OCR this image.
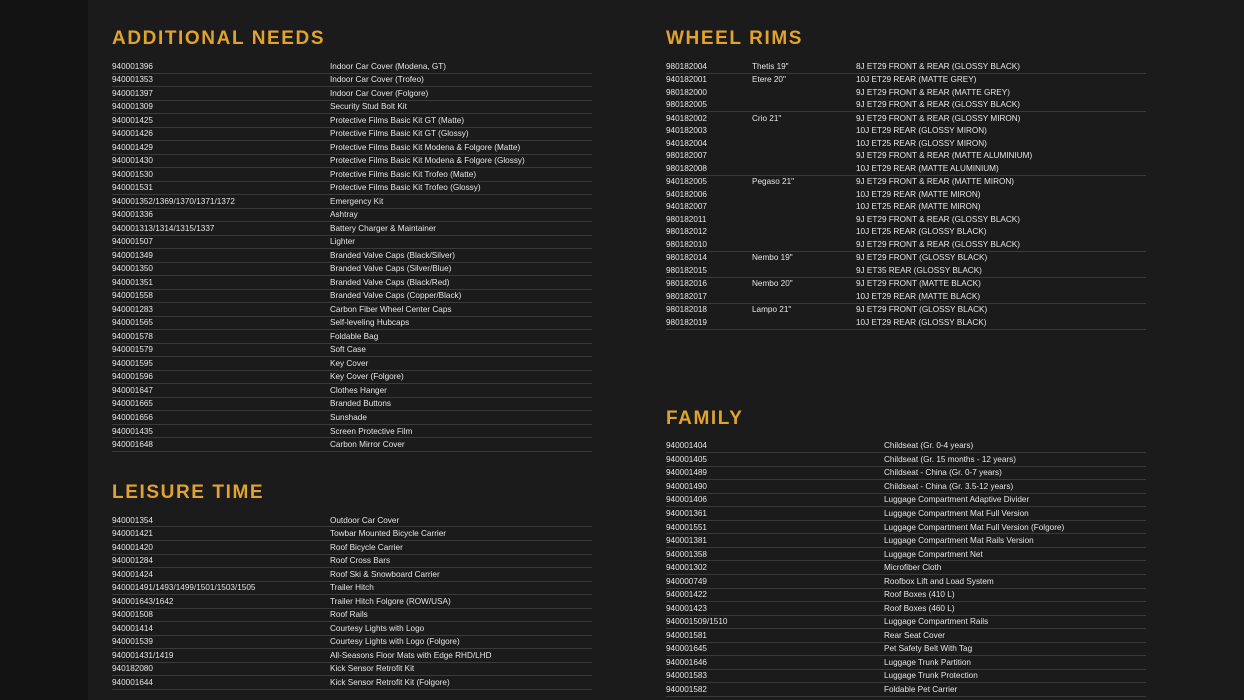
ADDITIONAL NEEDS
940001396	Indoor Car Cover (Modena, GT)
940001353	Indoor Car Cover (Trofeo)
940001397	Indoor Car Cover (Folgore)
940001309	Security Stud Bolt Kit
940001425	Protective Films Basic Kit GT (Matte)
940001426	Protective Films Basic Kit GT (Glossy)
940001429	Protective Films Basic Kit Modena & Folgore (Matte)
940001430	Protective Films Basic Kit Modena & Folgore (Glossy)
940001530	Protective Films Basic Kit Trofeo (Matte)
940001531	Protective Films Basic Kit Trofeo (Glossy)
940001352/1369/1370/1371/1372	Emergency Kit
940001336	Ashtray
940001313/1314/1315/1337	Battery Charger & Maintainer
940001507	Lighter
940001349	Branded Valve Caps (Black/Silver)
940001350	Branded Valve Caps (Silver/Blue)
940001351	Branded Valve Caps (Black/Red)
940001558	Branded Valve Caps (Copper/Black)
940001283	Carbon Fiber Wheel Center Caps
940001565	Self-leveling Hubcaps
940001578	Foldable Bag
940001579	Soft Case
940001595	Key Cover
940001596	Key Cover (Folgore)
940001647	Clothes Hanger
940001665	Branded Buttons
940001656	Sunshade
940001435	Screen Protective Film
940001648	Carbon Mirror Cover
LEISURE TIME
940001354	Outdoor Car Cover
940001421	Towbar Mounted Bicycle Carrier
940001420	Roof Bicycle Carrier
940001284	Roof Cross Bars
940001424	Roof Ski & Snowboard Carrier
940001491/1493/1499/1501/1503/1505	Trailer Hitch
940001643/1642	Trailer Hitch Folgore (ROW/USA)
940001508	Roof Rails
940001414	Courtesy Lights with Logo
940001539	Courtesy Lights with Logo (Folgore)
940001431/1419	All-Seasons Floor Mats with Edge RHD/LHD
940182080	Kick Sensor Retrofit Kit
940001644	Kick Sensor Retrofit Kit (Folgore)
WHEEL RIMS
980182004	Thetis 19"	8J ET29 FRONT & REAR (GLOSSY BLACK)
940182001	Etere 20"	10J ET29 REAR (MATTE GREY)
980182000		9J ET29 FRONT & REAR (MATTE GREY)
980182005		9J ET29 FRONT & REAR (GLOSSY BLACK)
940182002	Crio 21"	9J ET29 FRONT & REAR (GLOSSY MIRON)
940182003		10J ET29 REAR (GLOSSY MIRON)
940182004		10J ET25 REAR (GLOSSY MIRON)
980182007		9J ET29 FRONT & REAR (MATTE ALUMINIUM)
980182008		10J ET29 REAR (MATTE ALUMINIUM)
940182005	Pegaso 21"	9J ET29 FRONT & REAR (MATTE MIRON)
940182006		10J ET29 REAR (MATTE MIRON)
940182007		10J ET25 REAR (MATTE MIRON)
980182011		9J ET29 FRONT & REAR (GLOSSY BLACK)
980182012		10J ET25 REAR (GLOSSY BLACK)
980182010		9J ET29 FRONT & REAR (GLOSSY BLACK)
980182014	Nembo 19"	9J ET29 FRONT (GLOSSY BLACK)
980182015		9J ET35 REAR (GLOSSY BLACK)
980182016	Nembo 20"	9J ET29 FRONT (MATTE BLACK)
980182017		10J ET29 REAR (MATTE BLACK)
980182018	Lampo 21"	9J ET29 FRONT (GLOSSY BLACK)
980182019		10J ET29 REAR (GLOSSY BLACK)
FAMILY
940001404	Childseat (Gr. 0-4 years)
940001405	Childseat (Gr. 15 months - 12 years)
940001489	Childseat - China (Gr. 0-7 years)
940001490	Childseat - China (Gr. 3.5-12 years)
940001406	Luggage Compartment Adaptive Divider
940001361	Luggage Compartment Mat Full Version
940001551	Luggage Compartment Mat Full Version (Folgore)
940001381	Luggage Compartment Mat Rails Version
940001358	Luggage Compartment Net
940001302	Microfiber Cloth
940000749	Roofbox Lift and Load System
940001422	Roof Boxes (410 L)
940001423	Roof Boxes (460 L)
940001509/1510	Luggage Compartment Rails
940001581	Rear Seat Cover
940001645	Pet Safety Belt With Tag
940001646	Luggage Trunk Partition
940001583	Luggage Trunk Protection
940001582	Foldable Pet Carrier
